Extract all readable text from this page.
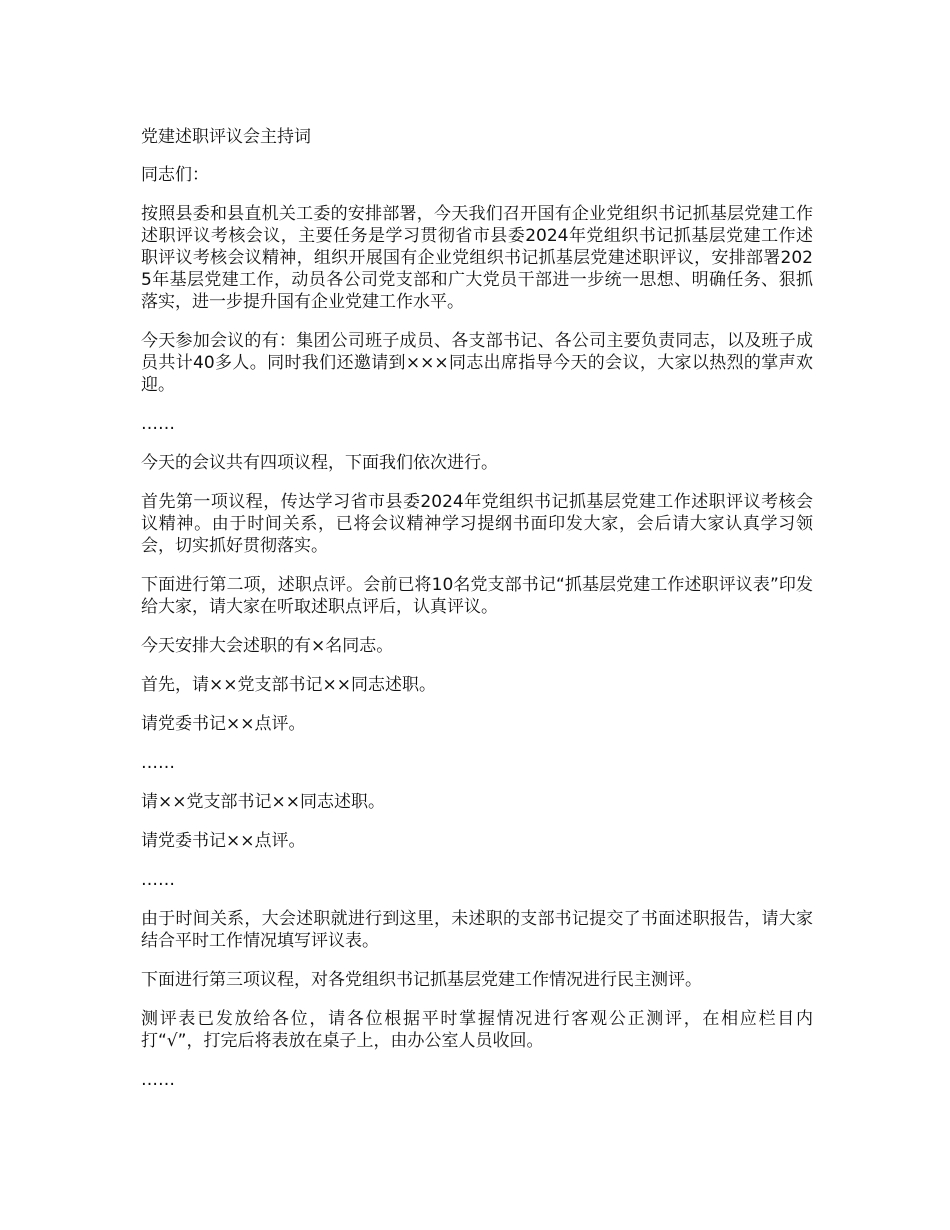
党建述职评议会主持词

同志们：

按照县委和县直机关工委的安排部署，今天我们召开国有企业党组织书记抓基层党建工作述职评议考核会议，主要任务是学习贯彻省市县委2024年党组织书记抓基层党建工作述职评议考核会议精神，组织开展国有企业党组织书记抓基层党建述职评议，安排部署2025年基层党建工作，动员各公司党支部和广大党员干部进一步统一思想、明确任务、狠抓落实，进一步提升国有企业党建工作水平。

今天参加会议的有：集团公司班子成员、各支部书记、各公司主要负责同志，以及班子成员共计40多人。同时我们还邀请到×××同志出席指导今天的会议，大家以热烈的掌声欢迎。

……

今天的会议共有四项议程，下面我们依次进行。

首先第一项议程，传达学习省市县委2024年党组织书记抓基层党建工作述职评议考核会议精神。由于时间关系，已将会议精神学习提纲书面印发大家，会后请大家认真学习领会，切实抓好贯彻落实。

下面进行第二项，述职点评。会前已将10名党支部书记“抓基层党建工作述职评议表”印发给大家，请大家在听取述职点评后，认真评议。

今天安排大会述职的有×名同志。

首先，请××党支部书记××同志述职。

请党委书记××点评。

……

请××党支部书记××同志述职。

请党委书记××点评。

……

由于时间关系，大会述职就进行到这里，未述职的支部书记提交了书面述职报告，请大家结合平时工作情况填写评议表。

下面进行第三项议程，对各党组织书记抓基层党建工作情况进行民主测评。

测评表已发放给各位，请各位根据平时掌握情况进行客观公正测评，在相应栏目内打“√”，打完后将表放在桌子上，由办公室人员收回。

……
